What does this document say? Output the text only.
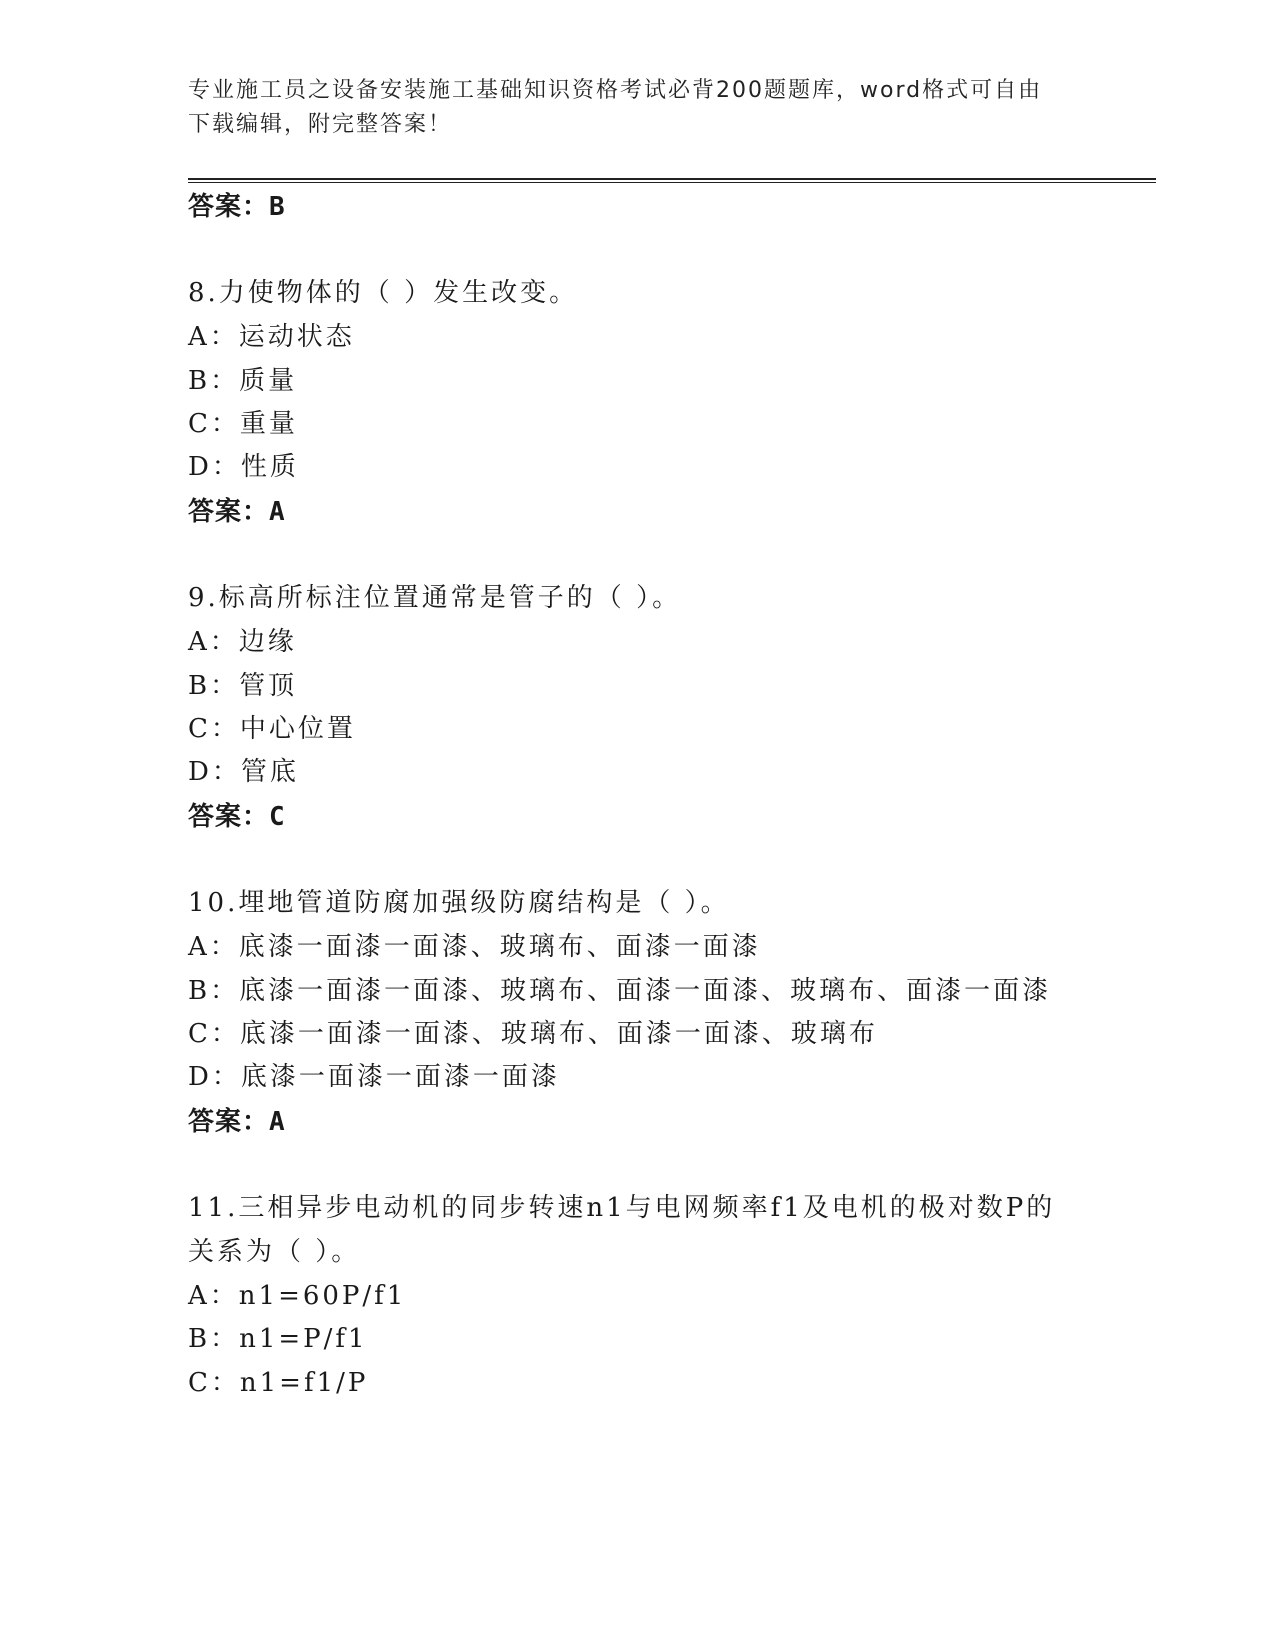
专业施工员之设备安装施工基础知识资格考试必背200题题库，word格式可自由
下载编辑，附完整答案！
答案：B
8.力使物体的（ ）发生改变。
A：运动状态
B：质量
C：重量
D：性质
答案：A
9.标高所标注位置通常是管子的（ ）。
A：边缘
B：管顶
C：中心位置
D：管底
答案：C
10.埋地管道防腐加强级防腐结构是（ ）。
A：底漆一面漆一面漆、玻璃布、面漆一面漆
B：底漆一面漆一面漆、玻璃布、面漆一面漆、玻璃布、面漆一面漆
C：底漆一面漆一面漆、玻璃布、面漆一面漆、玻璃布
D：底漆一面漆一面漆一面漆
答案：A
11.三相异步电动机的同步转速n1与电网频率f1及电机的极对数P的
关系为（ ）。
A：n1=60P/f1
B：n1=P/f1
C：n1=f1/P
